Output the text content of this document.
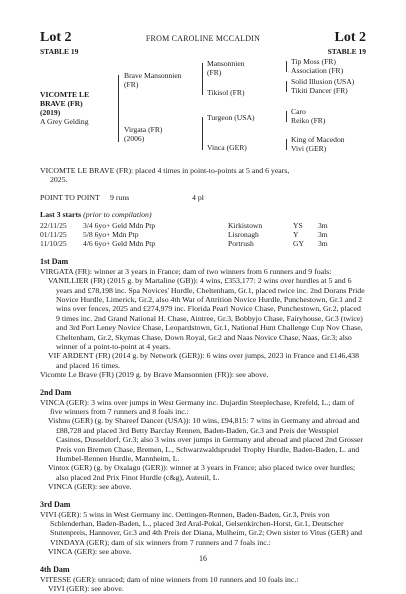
Lot 2	FROM CAROLINE MCCALDIN	Lot 2
STABLE 19	STABLE 19
VICOMTE LE
BRAVE (FR)
(2019)
A Grey Gelding
Brave Mansonnien
(FR)
Virgata (FR)
(2006)
Mansonnien
(FR)
Tikisol (FR)
Turgeon (USA)
Vinca (GER)
Tip Moss (FR)
Association (FR)
Solid Illusion (USA)
Tikiti Dancer (FR)
Caro
Reiko (FR)
King of Macedon
Vivi (GER)

VICOMTE LE BRAVE (FR): placed 4 times in point-to-points at 5 and 6 years,

2025.

POINT TO POINT	9 runs	4 pl
Last 3 starts (prior to compilation)
22/11/25	3/4 6yo+ Geld Mdn Ptp	Kirkistown	YS	3m
01/11/25	5/8 6yo+ Mdn Ptp	Lisronagh	Y	3m
11/10/25	4/6 6yo+ Geld Mdn Ptp	Portrush	GY	3m
1st Dam

VIRGATA (FR): winner at 3 years in France; dam of two winners from 6 runners and 9 foals:

VANILLIER (FR) (2015 g. by Martaline (GB)): 4 wins, £353,177: 2 wins over hurdles at 5 and 6 years and £78,198 inc. Spa Novices' Hurdle, Cheltenham, Gr.1, placed twice inc. 2nd Dorans Pride Novice Hurdle, Limerick, Gr.2, also 4th War of Attrition Novice Hurdle, Punchestown, Gr.1 and 2 wins over fences, 2025 and £274,979 inc. Florida Pearl Novice Chase, Punchestown, Gr.2, placed 9 times inc. 2nd Grand National H. Chase, Aintree, Gr.3, Bobbyjo Chase, Fairyhouse, Gr.3 (twice) and 3rd Port Leney Novice Chase, Leopardstown, Gr.1, National Hunt Challenge Cup Nov Chase, Cheltenham, Gr.2, Skymas Chase, Down Royal, Gr.2 and Naas Novice Chase, Naas, Gr.3; also winner of a point-to-point at 4 years.

VIF ARDENT (FR) (2014 g. by Network (GER)): 6 wins over jumps, 2023 in France and £146,438 and placed 16 times.

Vicomte Le Brave (FR) (2019 g. by Brave Mansonnien (FR)): see above.

2nd Dam

VINCA (GER): 3 wins over jumps in West Germany inc. Dujardin Steeplechase, Krefeld, L.; dam of five winners from 7 runners and 8 foals inc.:

Vishnu (GER) (g. by Shareef Dancer (USA)): 10 wins, £94,815: 7 wins in Germany and abroad and £88,728 and placed 3rd Betty Barclay Rennen, Baden-Baden, Gr.3 and Preis der Westspiel Casinos, Dusseldorf, Gr.3; also 3 wins over jumps in Germany and abroad and placed 2nd Grosser Preis von Bremen Chase, Bremen, L., Schwarzwaldsprudel Trophy Hurdle, Baden-Baden, L. and Humbel-Rennen Hurdle, Mannheim, L.

Vintox (GER) (g. by Oxalagu (GER)): winner at 3 years in France; also placed twice over hurdles; also placed 2nd Prix Finot Hurdle (c&g), Auteuil, L.

VINCA (GER): see above.

3rd Dam

VIVI (GER): 5 wins in West Germany inc. Oettingen-Rennen, Baden-Baden, Gr.3, Preis von Schlenderhan, Baden-Baden, L., placed 3rd Aral-Pokal, Gelsenkirchen-Horst, Gr.1, Deutscher Stutenpreis, Hannover, Gr.3 and 4th Preis der Diana, Mulheim, Gr.2; Own sister to Vitus (GER) and VINDAYA (GER); dam of six winners from 7 runners and 7 foals inc.:

VINCA (GER): see above.

4th Dam

VITESSE (GER): unraced; dam of nine winners from 10 runners and 10 foals inc.:

VIVI (GER): see above.

16
